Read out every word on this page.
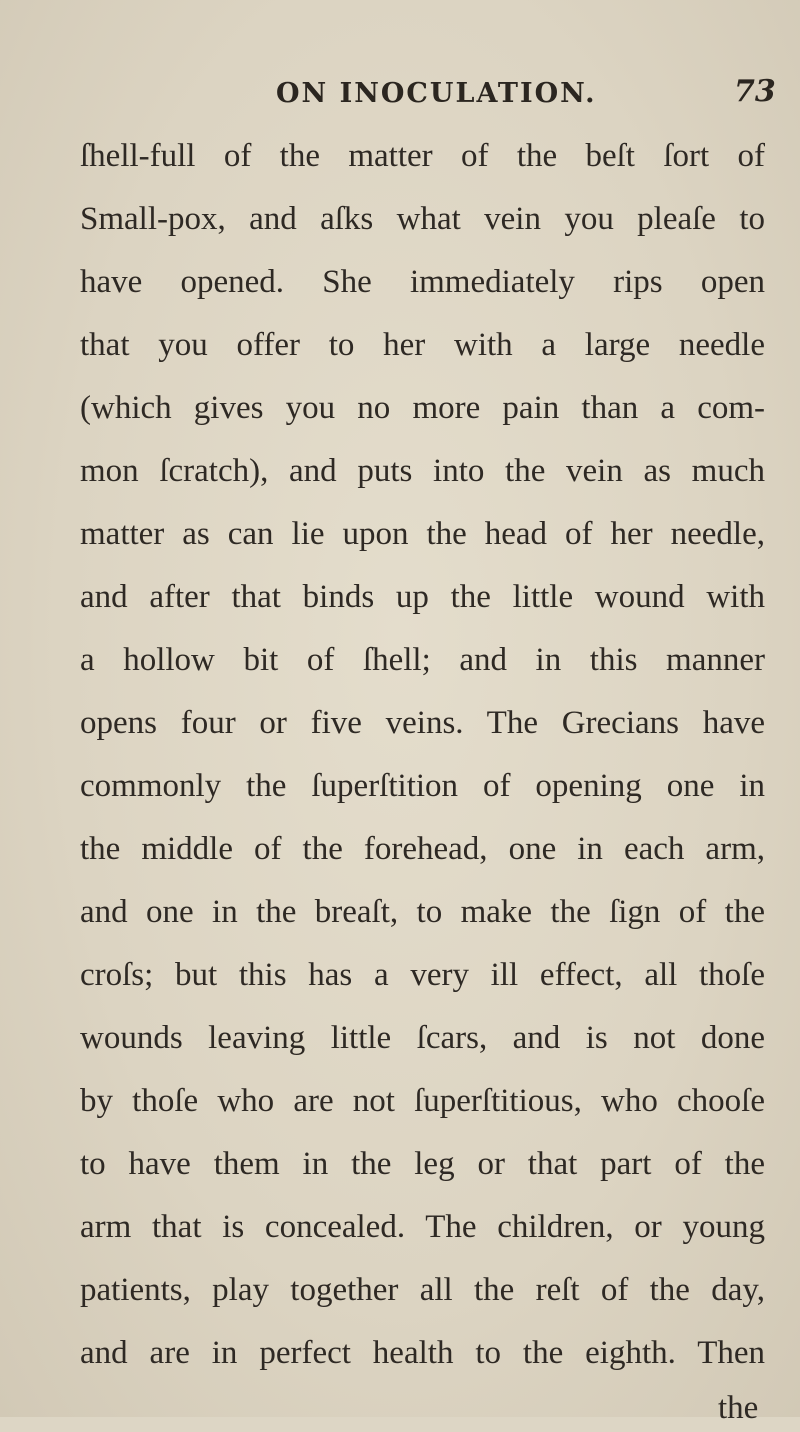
ON INOCULATION.	73
ſhell-full of the matter of the beſt ſort of
Small-pox, and aſks what vein you pleaſe to
have opened. She immediately rips open
that you offer to her with a large needle
(which gives you no more pain than a com-
mon ſcratch), and puts into the vein as much
matter as can lie upon the head of her needle,
and after that binds up the little wound with
a hollow bit of ſhell; and in this manner
opens four or five veins. The Grecians have
commonly the ſuperſtition of opening one in
the middle of the forehead, one in each arm,
and one in the breaſt, to make the ſign of the
croſs; but this has a very ill effect, all thoſe
wounds leaving little ſcars, and is not done
by thoſe who are not ſuperſtitious, who chooſe
to have them in the leg or that part of the
arm that is concealed. The children, or young
patients, play together all the reſt of the day,
and are in perfect health to the eighth. Then
the
